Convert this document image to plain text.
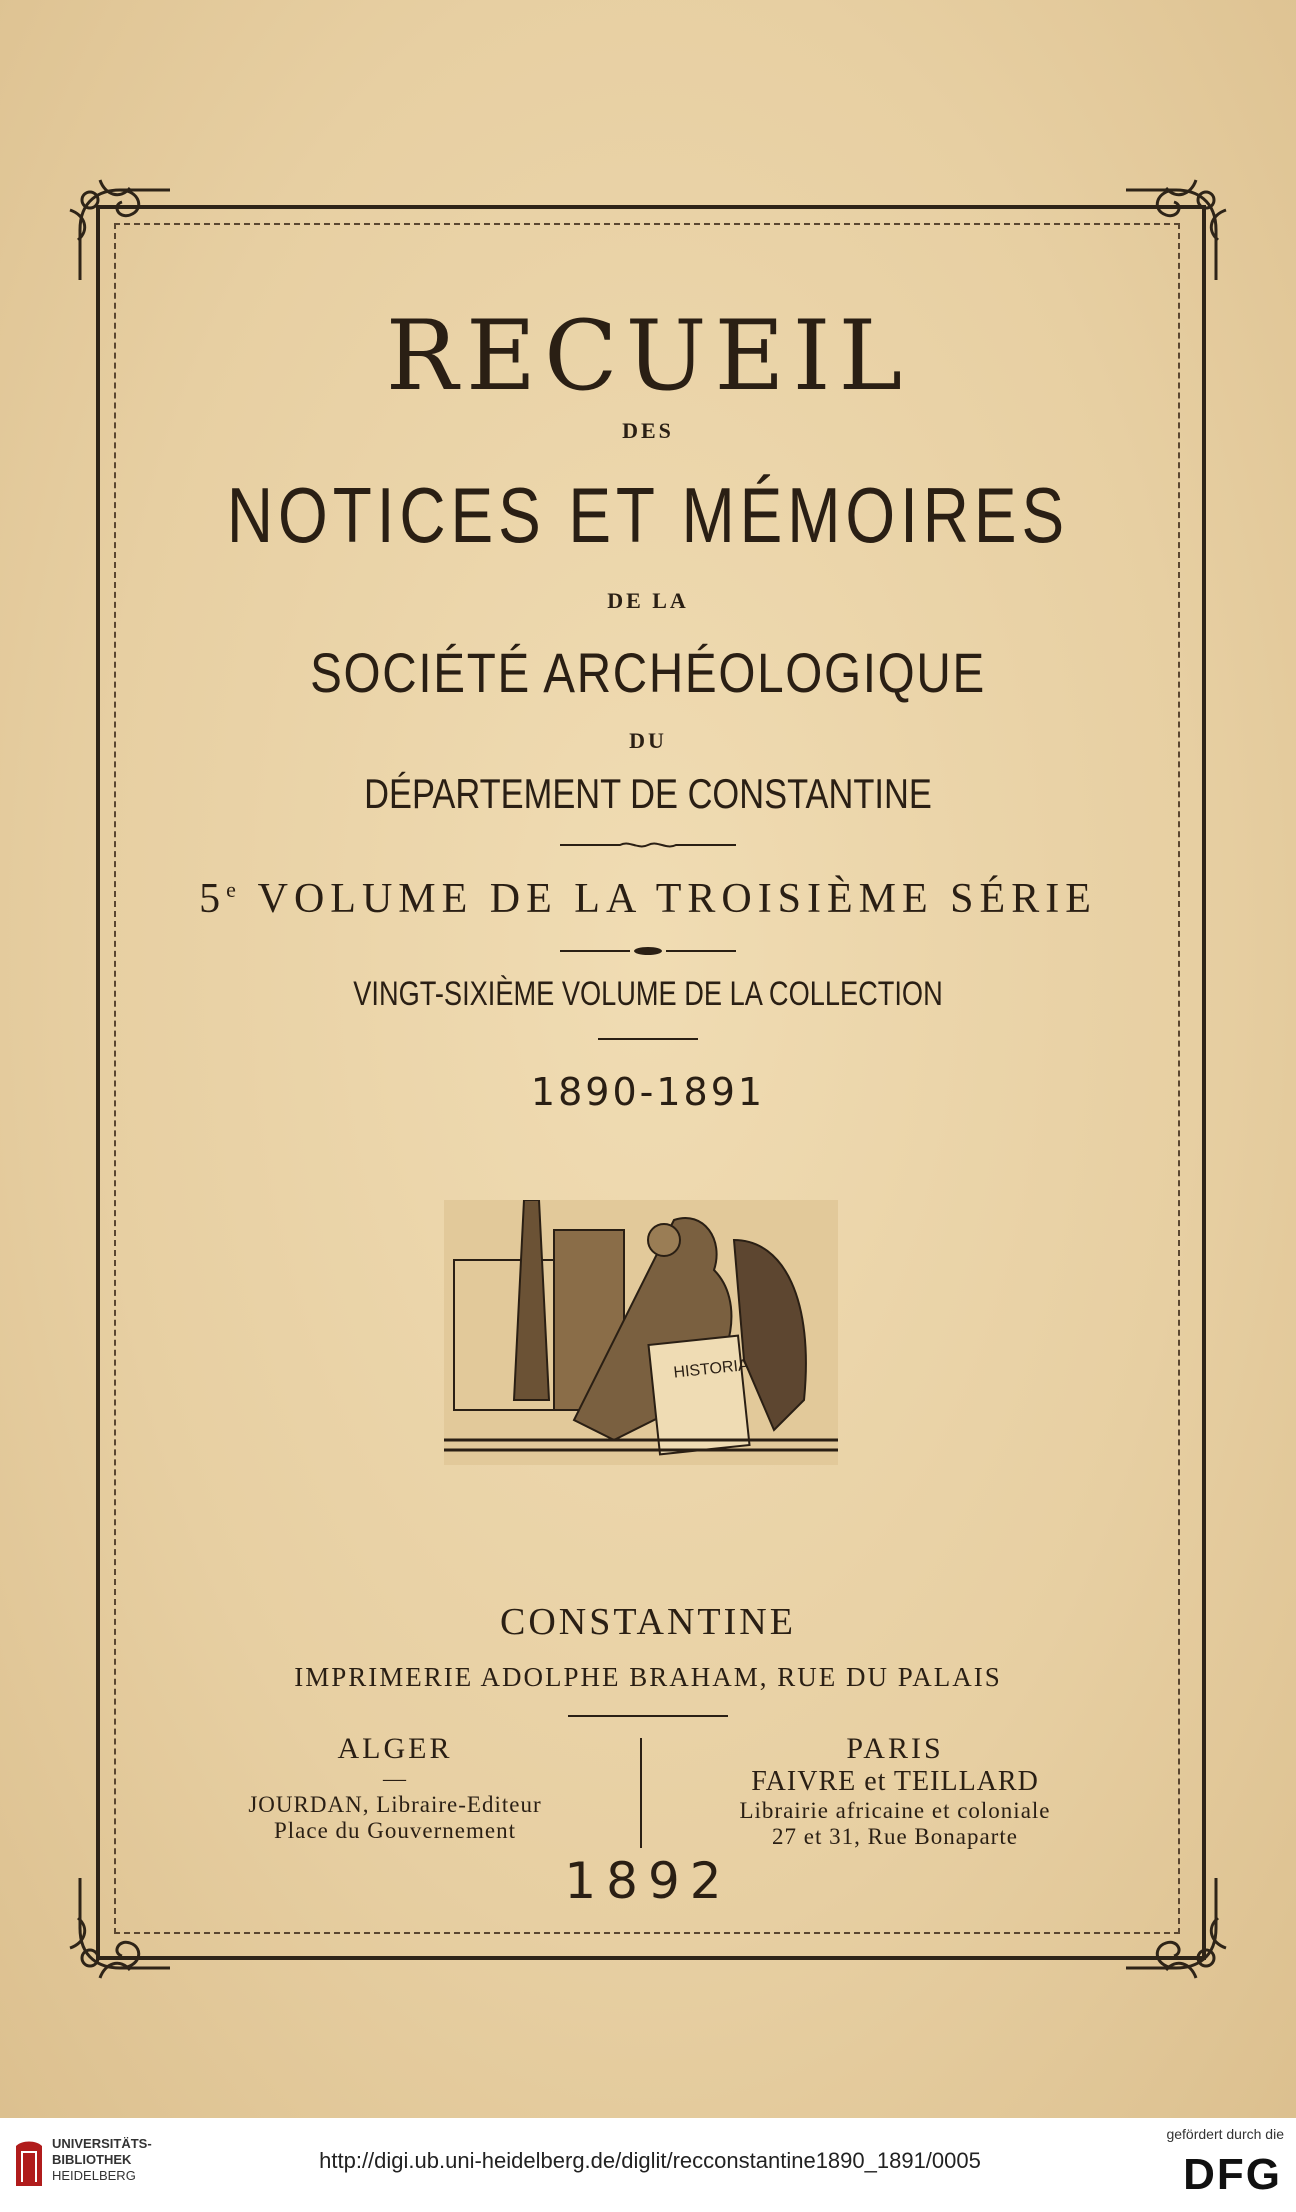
RECUEIL
DES
NOTICES ET MÉMOIRES
DE LA
SOCIÉTÉ ARCHÉOLOGIQUE
DU
DÉPARTEMENT DE CONSTANTINE
5e VOLUME DE LA TROISIÈME SÉRIE
VINGT-SIXIÈME VOLUME DE LA COLLECTION
1890-1891
HISTORIA
CONSTANTINE
IMPRIMERIE ADOLPHE BRAHAM, RUE DU PALAIS
ALGER
—
JOURDAN, Libraire-Editeur
Place du Gouvernement
PARIS
FAIVRE et TEILLARD
Librairie africaine et coloniale
27 et 31, Rue Bonaparte
1892
UNIVERSITÄTS-
BIBLIOTHEK
HEIDELBERG
http://digi.ub.uni-heidelberg.de/diglit/recconstantine1890_1891/0005
gefördert durch die
DFG
